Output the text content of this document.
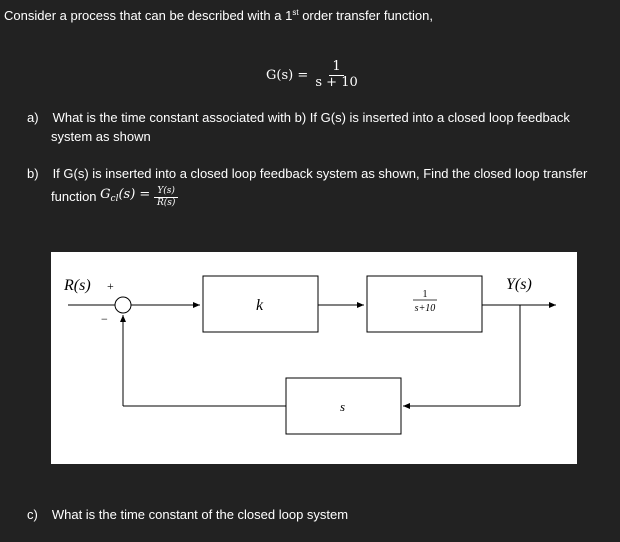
Consider a process that can be described with a 1st order transfer function,
$G(s) = \frac{1}{s + 10}$
a) What is the time constant associated with b) If G(s) is inserted into a closed loop feedback
system as shown
b) If G(s) is inserted into a closed loop feedback system as shown, Find the closed loop transfer
function $G_{cl}(s) = \frac{Y(s)}{R(s)}$
R(s) +
−
k
1
s+10
s
Y(s)
c) What is the time constant of the closed loop system
